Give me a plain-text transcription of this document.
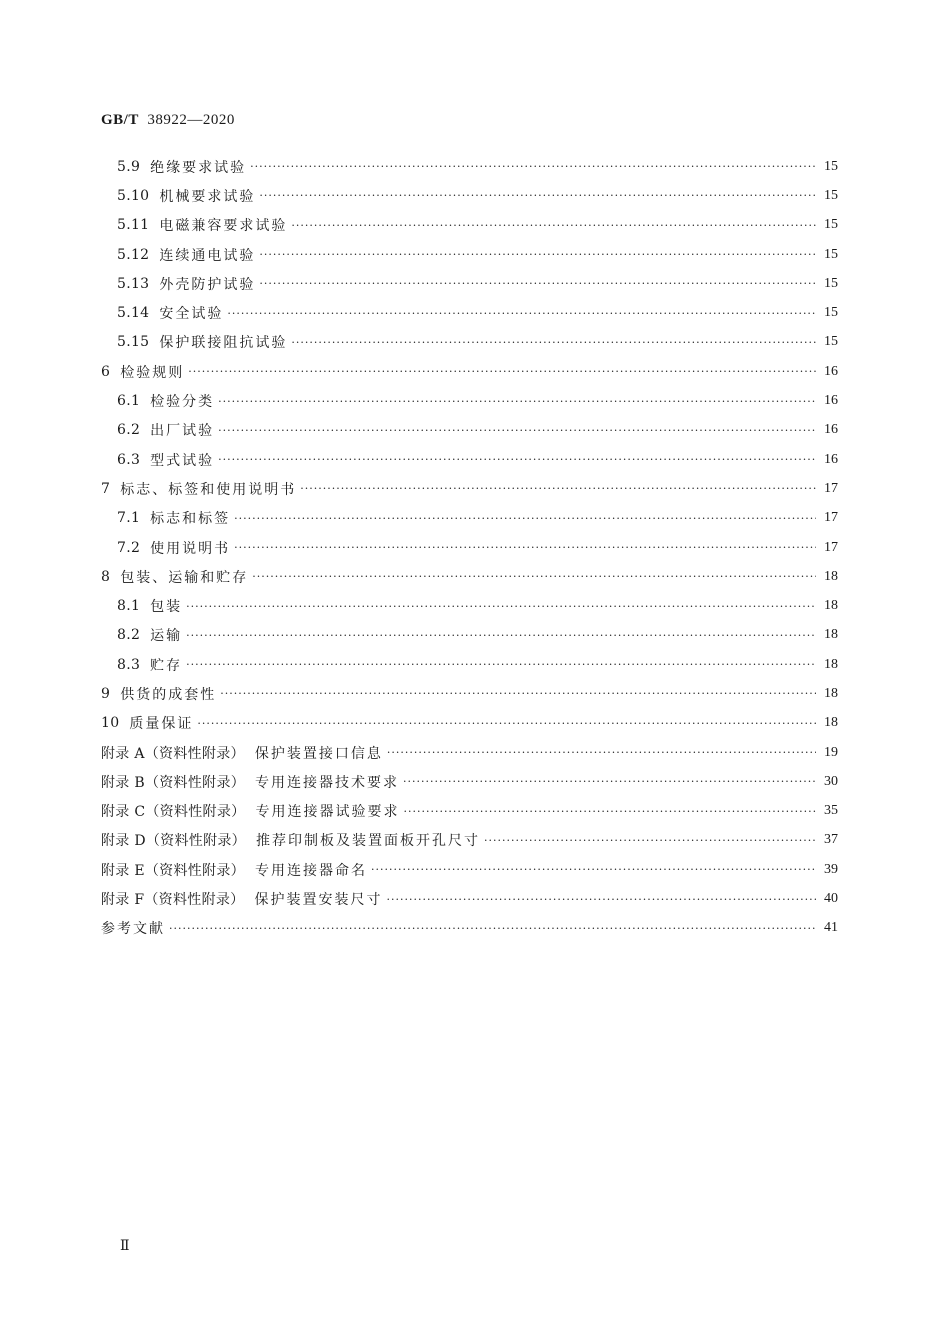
GB/T 38922—2020
5.9 绝缘要求试验 ·····	15
5.10 机械要求试验 ·····	15
5.11 电磁兼容要求试验 ·····	15
5.12 连续通电试验 ·····	15
5.13 外壳防护试验 ·····	15
5.14 安全试验 ·····	15
5.15 保护联接阻抗试验 ·····	15
6 检验规则 ·····	16
6.1 检验分类 ·····	16
6.2 出厂试验 ·····	16
6.3 型式试验 ·····	16
7 标志、标签和使用说明书 ·····	17
7.1 标志和标签 ·····	17
7.2 使用说明书 ·····	17
8 包装、运输和贮存 ·····	18
8.1 包装 ·····	18
8.2 运输 ·····	18
8.3 贮存 ·····	18
9 供货的成套性 ·····	18
10 质量保证 ·····	18
附录 A（资料性附录） 保护装置接口信息 ·····	19
附录 B（资料性附录） 专用连接器技术要求 ·····	30
附录 C（资料性附录） 专用连接器试验要求 ·····	35
附录 D（资料性附录） 推荐印制板及装置面板开孔尺寸 ·····	37
附录 E（资料性附录） 专用连接器命名 ·····	39
附录 F（资料性附录） 保护装置安装尺寸 ·····	40
参考文献 ·····	41
Ⅱ
